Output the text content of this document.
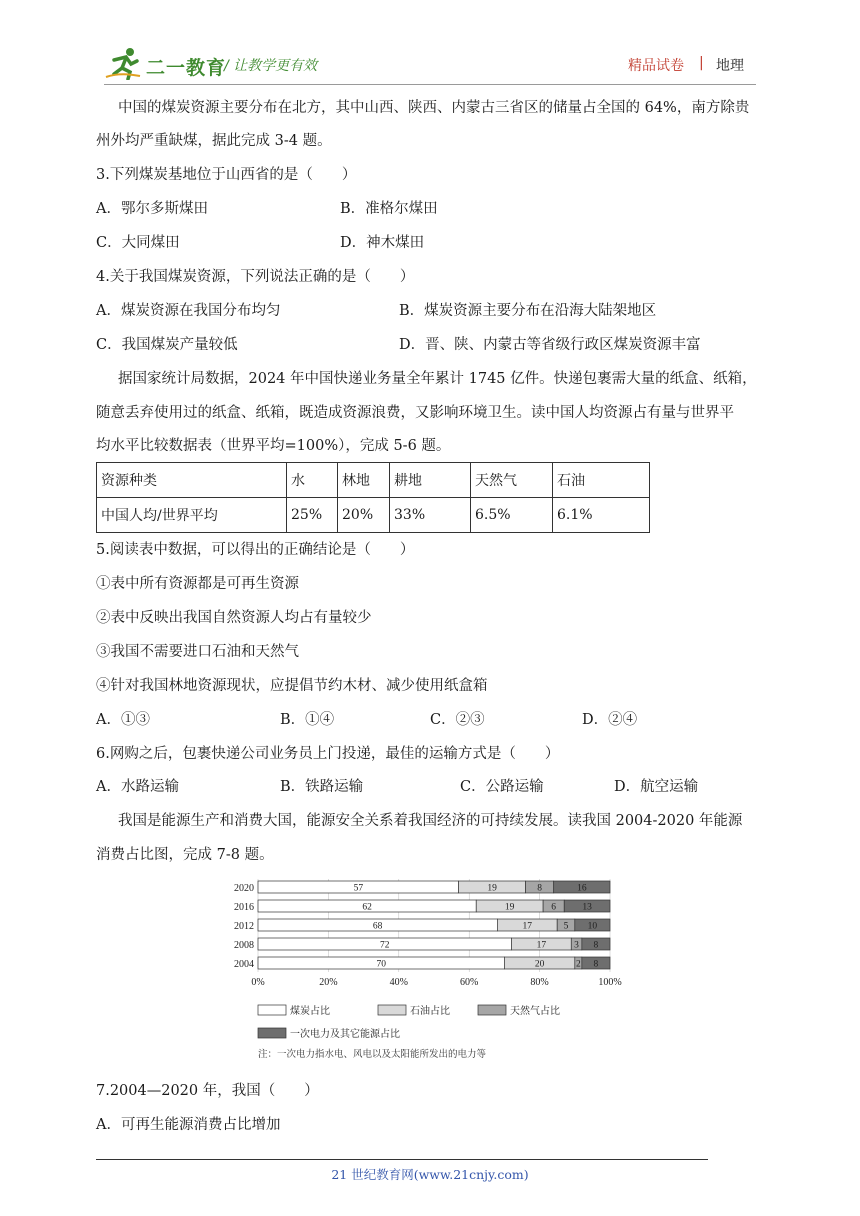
二一教育
/ 让教学更有效	精品试卷 | 地理
中国的煤炭资源主要分布在北方，其中山西、陕西、内蒙古三省区的储量占全国的 64%，南方除贵
州外均严重缺煤，据此完成 3-4 题。
3.下列煤炭基地位于山西省的是（　　）
A．鄂尔多斯煤田	B．准格尔煤田
C．大同煤田	D．神木煤田
4.关于我国煤炭资源，下列说法正确的是（　　）
A．煤炭资源在我国分布均匀	B．煤炭资源主要分布在沿海大陆架地区
C．我国煤炭产量较低	D．晋、陕、内蒙古等省级行政区煤炭资源丰富
据国家统计局数据，2024 年中国快递业务量全年累计 1745 亿件。快递包裹需大量的纸盒、纸箱，
随意丢弃使用过的纸盒、纸箱，既造成资源浪费，又影响环境卫生。读中国人均资源占有量与世界平
均水平比较数据表（世界平均=100%），完成 5-6 题。
资源种类	水	林地	耕地	天然气	石油
中国人均/世界平均	25%	20%	33%	6.5%	6.1%
5.阅读表中数据，可以得出的正确结论是（　　）
①表中所有资源都是可再生资源
②表中反映出我国自然资源人均占有量较少
③我国不需要进口石油和天然气
④针对我国林地资源现状，应提倡节约木材、减少使用纸盒箱
A．①③	B．①④	C．②③	D．②④
6.网购之后，包裹快递公司业务员上门投递，最佳的运输方式是（　　）
A．水路运输	B．铁路运输	C．公路运输	D．航空运输
我国是能源生产和消费大国，能源安全关系着我国经济的可持续发展。读我国 2004-2020 年能源
消费占比图，完成 7-8 题。
0%	20%	40%	60%	80%	100%
2020	57	19	8	16
2016	62	19	6	13
2012	68	17	5 10
2008	72	17	3 8
2004	70	20	2 8
煤炭占比	石油占比	天然气占比
一次电力及其它能源占比
注：一次电力指水电、风电以及太阳能所发出的电力等
7.2004—2020 年，我国（　　）
A．可再生能源消费占比增加
21 世纪教育网(www.21cnjy.com)
